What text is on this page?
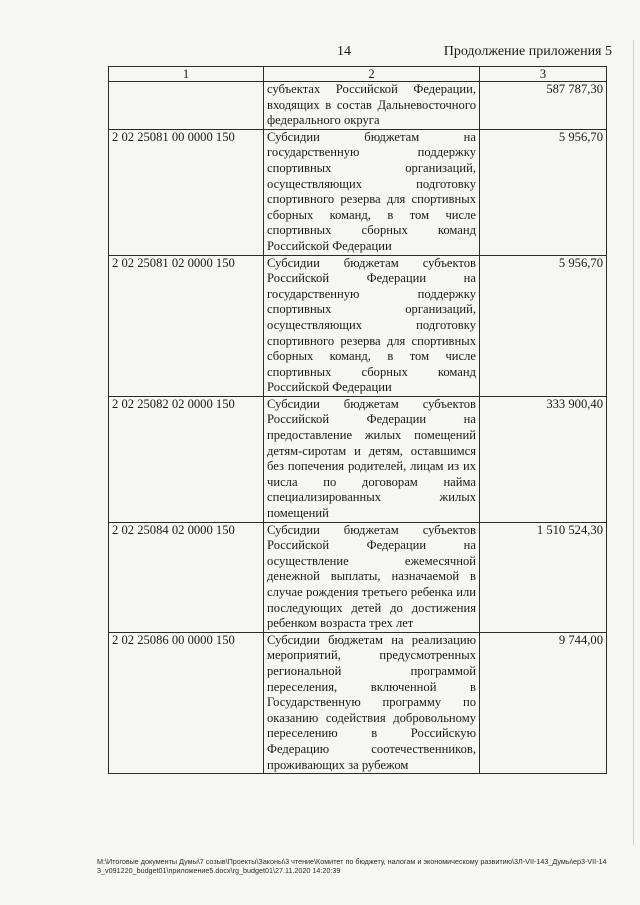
14	Продолжение приложения 5
1	2	3
	субъектах Российской Федерации, входящих в состав Дальневосточного федерального округа	587 787,30
2 02 25081 00 0000 150	Субсидии бюджетам на государственную поддержку спортивных организаций, осуществляющих подготовку спортивного резерва для спортивных сборных команд, в том числе спортивных сборных команд Российской Федерации	5 956,70
2 02 25081 02 0000 150	Субсидии бюджетам субъектов Российской Федерации на государственную поддержку спортивных организаций, осуществляющих подготовку спортивного резерва для спортивных сборных команд, в том числе спортивных сборных команд Российской Федерации	5 956,70
2 02 25082 02 0000 150	Субсидии бюджетам субъектов Российской Федерации на предоставление жилых помещений детям-сиротам и детям, оставшимся без попечения родителей, лицам из их числа по договорам найма специализированных жилых помещений	333 900,40
2 02 25084 02 0000 150	Субсидии бюджетам субъектов Российской Федерации на осуществление ежемесячной денежной выплаты, назначаемой в случае рождения третьего ребенка или последующих детей до достижения ребенком возраста трех лет	1 510 524,30
2 02 25086 00 0000 150	Субсидии бюджетам на реализацию мероприятий, предусмотренных региональной программой переселения, включенной в Государственную программу по оказанию содействия добровольному переселению в Российскую Федерацию соотечественников, проживающих за рубежом	9 744,00
M:\Итоговые документы Думы\7 созыв\Проекты\Законы\3 чтение\Комитет по бюджету, налогам и экономическому развитию\3Л-VII-143_Думы\ер3-VII-143_v091220_budget01\приложение5.docx\rg_budget01\27.11.2020 14:20:39
